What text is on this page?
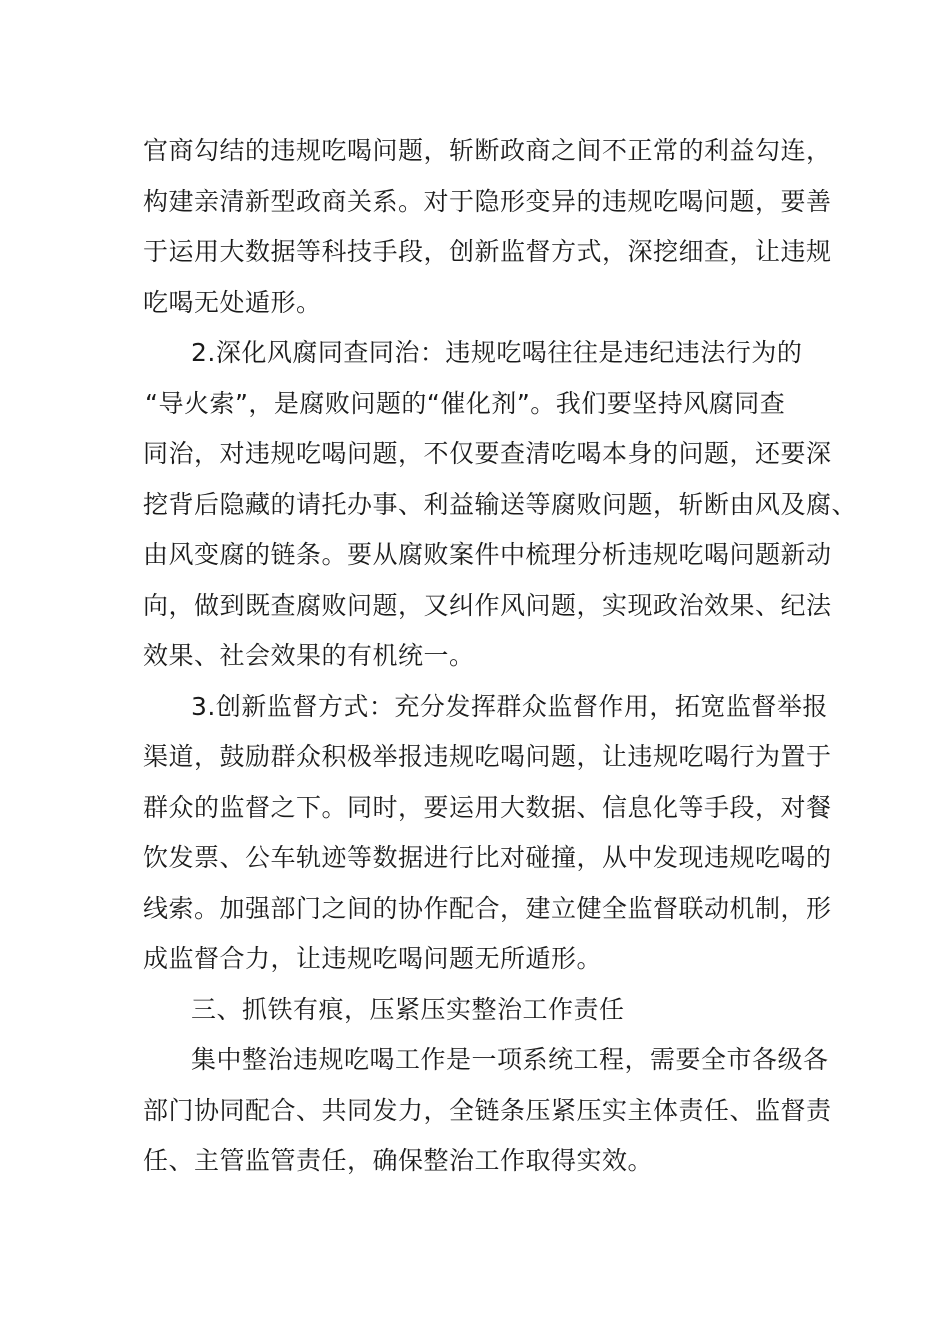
官商勾结的违规吃喝问题，斩断政商之间不正常的利益勾连，
构建亲清新型政商关系。对于隐形变异的违规吃喝问题，要善
于运用大数据等科技手段，创新监督方式，深挖细查，让违规
吃喝无处遁形。
2.深化风腐同查同治：违规吃喝往往是违纪违法行为的
“导火索”，是腐败问题的“催化剂”。我们要坚持风腐同查
同治，对违规吃喝问题，不仅要查清吃喝本身的问题，还要深
挖背后隐藏的请托办事、利益输送等腐败问题，斩断由风及腐、
由风变腐的链条。要从腐败案件中梳理分析违规吃喝问题新动
向，做到既查腐败问题，又纠作风问题，实现政治效果、纪法
效果、社会效果的有机统一。
3.创新监督方式：充分发挥群众监督作用，拓宽监督举报
渠道，鼓励群众积极举报违规吃喝问题，让违规吃喝行为置于
群众的监督之下。同时，要运用大数据、信息化等手段，对餐
饮发票、公车轨迹等数据进行比对碰撞，从中发现违规吃喝的
线索。加强部门之间的协作配合，建立健全监督联动机制，形
成监督合力，让违规吃喝问题无所遁形。
三、抓铁有痕，压紧压实整治工作责任
集中整治违规吃喝工作是一项系统工程，需要全市各级各
部门协同配合、共同发力，全链条压紧压实主体责任、监督责
任、主管监管责任，确保整治工作取得实效。
